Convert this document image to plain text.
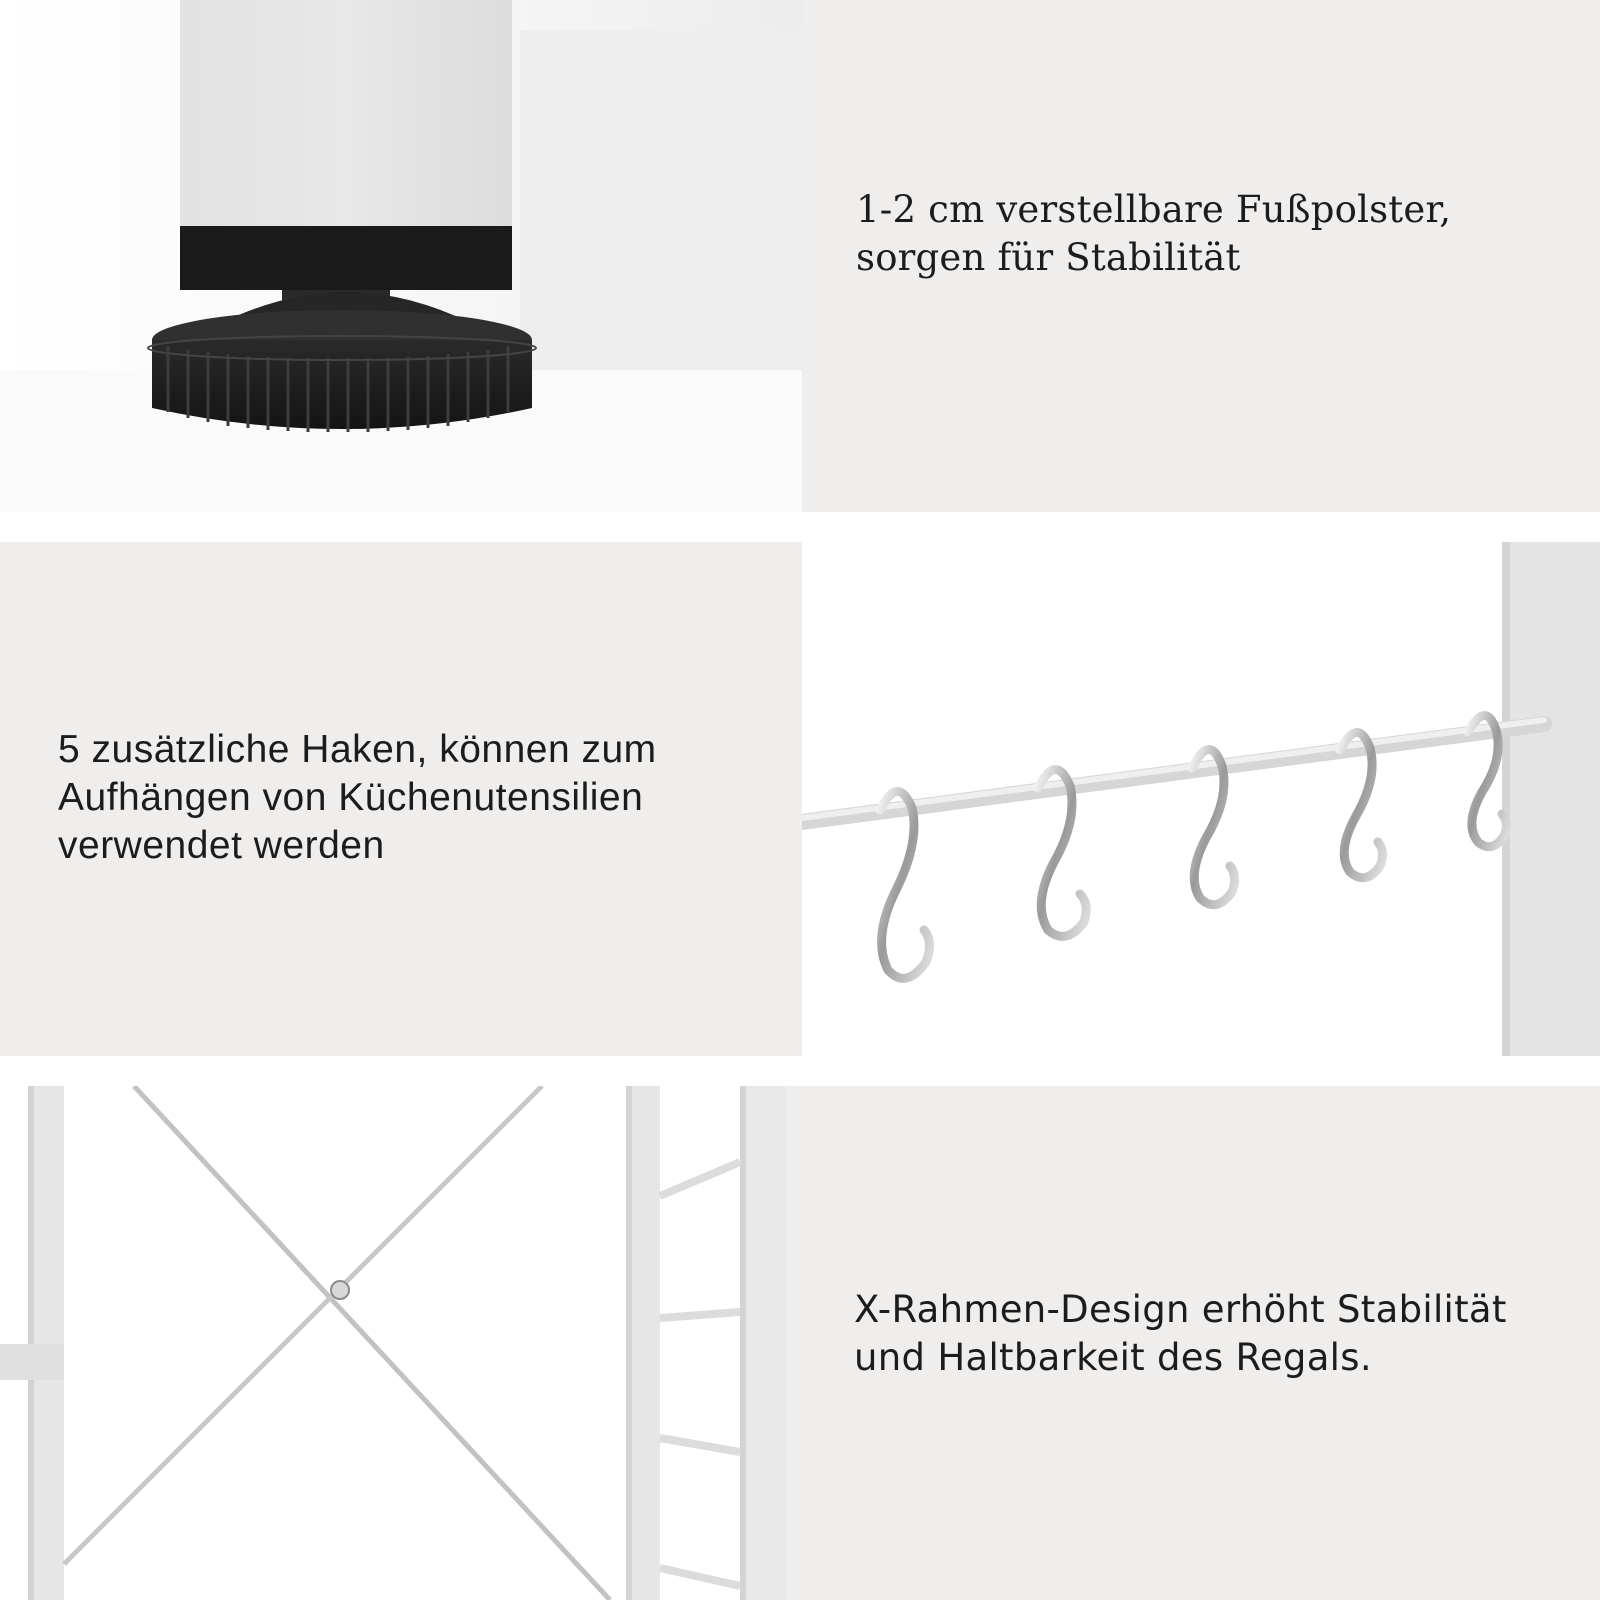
1-2 cm verstellbare Fußpolster,
sorgen für Stabilität

5 zusätzliche Haken, können zum
Aufhängen von Küchenutensilien
verwendet werden

X-Rahmen-Design erhöht Stabilität
und Haltbarkeit des Regals.
